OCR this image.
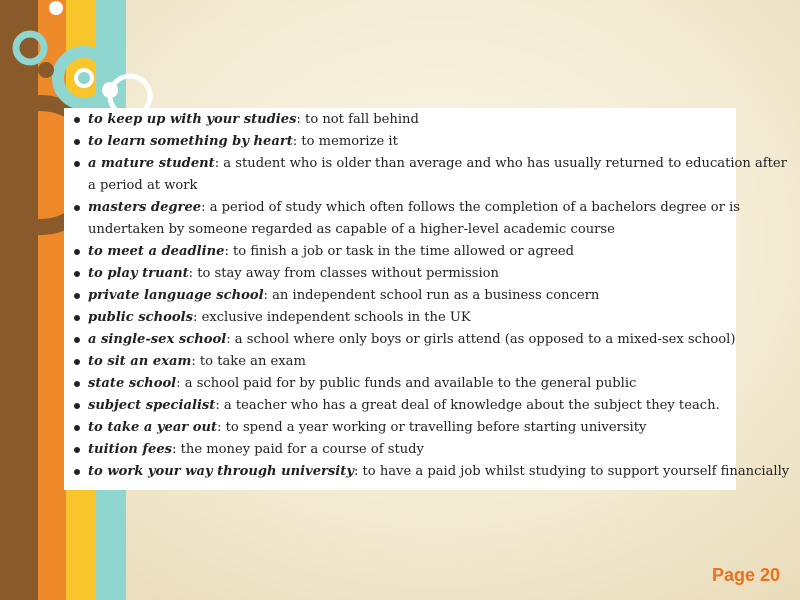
to keep up with your studies: to not fall behind
to learn something by heart: to memorize it
a mature student: a student who is older than average and who has usually returned to education after
a period at work
masters degree: a period of study which often follows the completion of a bachelors degree or is
undertaken by someone regarded as capable of a higher-level academic course
to meet a deadline: to finish a job or task in the time allowed or agreed
to play truant: to stay away from classes without permission
private language school: an independent school run as a business concern
public schools: exclusive independent schools in the UK
a single-sex school: a school where only boys or girls attend (as opposed to a mixed-sex school)
to sit an exam: to take an exam
state school: a school paid for by public funds and available to the general public
subject specialist: a teacher who has a great deal of knowledge about the subject they teach.
to take a year out: to spend a year working or travelling before starting university
tuition fees: the money paid for a course of study
to work your way through university: to have a paid job whilst studying to support yourself financially
Page 20
